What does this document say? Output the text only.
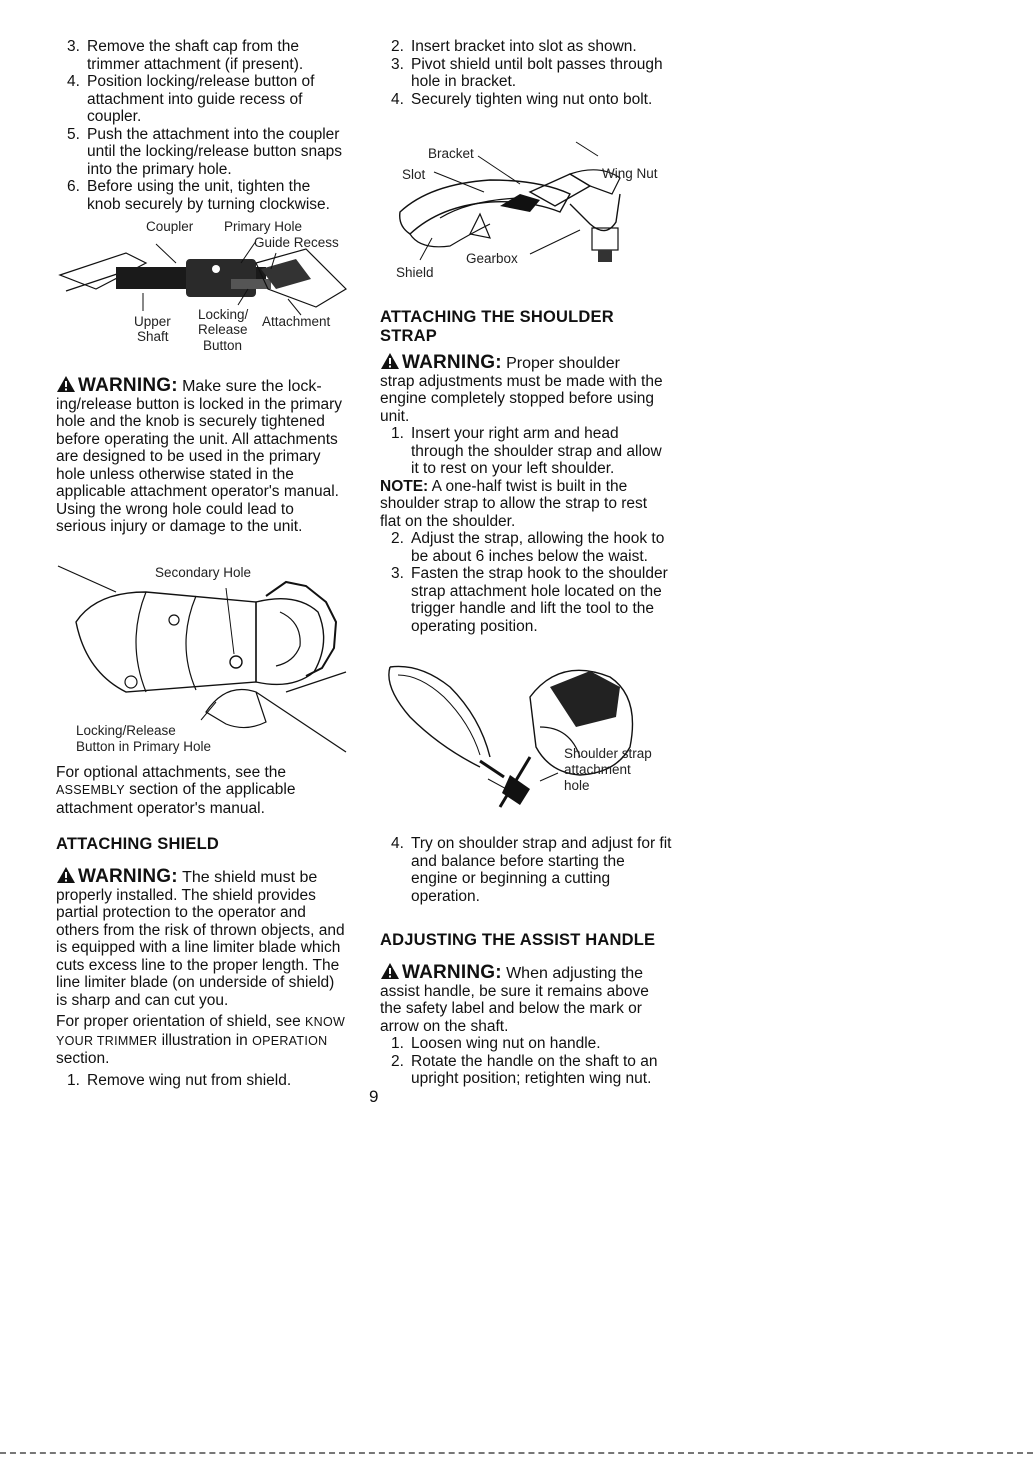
3. Remove the shaft cap from the trimmer attachment (if present).
4. Position locking/release button of attachment into guide recess of coupler.
5. Push the attachment into the coupler until the locking/release button snaps into the primary hole.
6. Before using the unit, tighten the knob securely by turning clockwise.
Coupler Primary Hole
Guide Recess
Upper
Shaft
Locking/
Release
Button
Attachment
WARNING: Make sure the lock-
ing/release button is locked in the primary hole and the knob is securely tightened before operating the unit. All attachments are designed to be used in the primary hole unless otherwise stated in the applicable attachment operator's manual. Using the wrong hole could lead to serious injury or damage to the unit.
Secondary Hole
Locking/Release
Button in Primary Hole
For optional attachments, see the ASSEMBLY section of the applicable attachment operator's manual.
ATTACHING SHIELD
WARNING: The shield must be
properly installed. The shield provides partial protection to the operator and others from the risk of thrown objects, and is equipped with a line limiter blade which cuts excess line to the proper length. The line limiter blade (on underside of shield) is sharp and can cut you.
For proper orientation of shield, see KNOW YOUR TRIMMER illustration in OPERATION section.
1. Remove wing nut from shield.
2. Insert bracket into slot as shown.
3. Pivot shield until bolt passes through hole in bracket.
4. Securely tighten wing nut onto bolt.
Bracket
Slot	Wing Nut
Gearbox
Shield
ATTACHING THE SHOULDER
STRAP
WARNING: Proper shoulder
strap adjustments must be made with the engine completely stopped before using unit.
1. Insert your right arm and head through the shoulder strap and allow it to rest on your left shoulder.
NOTE: A one-half twist is built in the shoulder strap to allow the strap to rest flat on the shoulder.
2. Adjust the strap, allowing the hook to be about 6 inches below the waist.
3. Fasten the strap hook to the shoulder strap attachment hole located on the trigger handle and lift the tool to the operating position.
Shoulder strap
attachment
hole
4. Try on shoulder strap and adjust for fit and balance before starting the engine or beginning a cutting operation.
ADJUSTING THE ASSIST HANDLE
WARNING: When adjusting the
assist handle, be sure it remains above the safety label and below the mark or arrow on the shaft.
1. Loosen wing nut on handle.
2. Rotate the handle on the shaft to an upright position; retighten wing nut.
9
